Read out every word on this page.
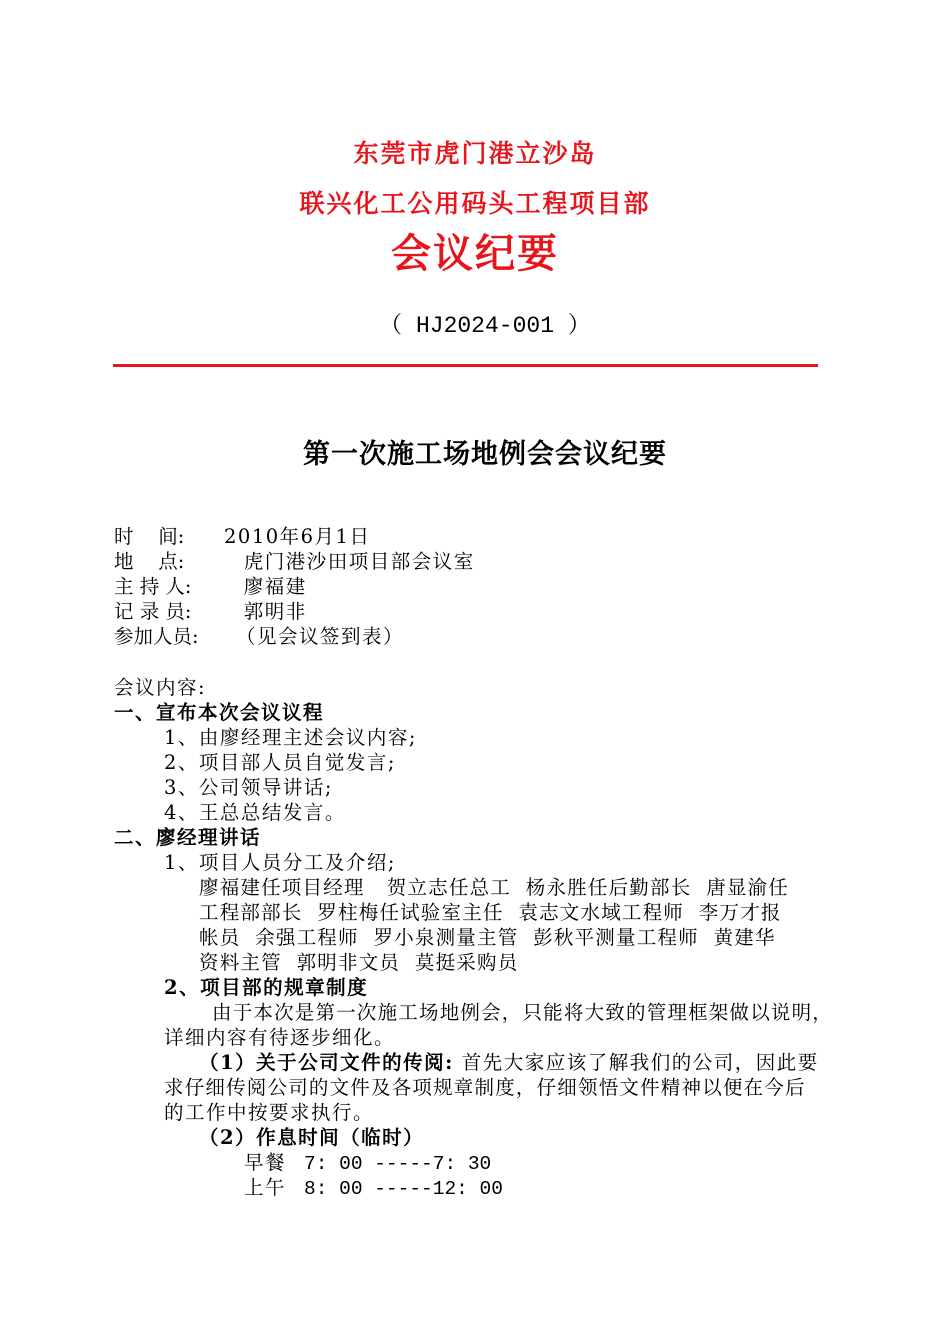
东莞市虎门港立沙岛
联兴化工公用码头工程项目部
会议纪要
（ HJ2024-001 ）
第一次施工场地例会会议纪要
时    间: 2010年6月1日
地    点:	虎门港沙田项目部会议室
主 持 人: 廖福建
记 录 员: 郭明非
参加人员: （见会议签到表）
会议内容:
一、宣布本次会议议程
1、由廖经理主述会议内容;
2、项目部人员自觉发言;
3、公司领导讲话;
4、王总总结发言。
二、廖经理讲话
1、项目人员分工及介绍;
廖福建任项目经理   贺立志任总工  杨永胜任后勤部长  唐显渝任
工程部部长  罗柱梅任试验室主任  袁志文水域工程师  李万才报
帐员  余强工程师  罗小泉测量主管  彭秋平测量工程师  黄建华
资料主管  郭明非文员  莫挺采购员
2、项目部的规章制度
由于本次是第一次施工场地例会，只能将大致的管理框架做以说明，
详细内容有待逐步细化。
（1）关于公司文件的传阅: 首先大家应该了解我们的公司，因此要
求仔细传阅公司的文件及各项规章制度，仔细领悟文件精神以便在今后
的工作中按要求执行。
（2）作息时间（临时）
早餐 7: 00 -----7: 30
上午 8: 00 -----12: 00
